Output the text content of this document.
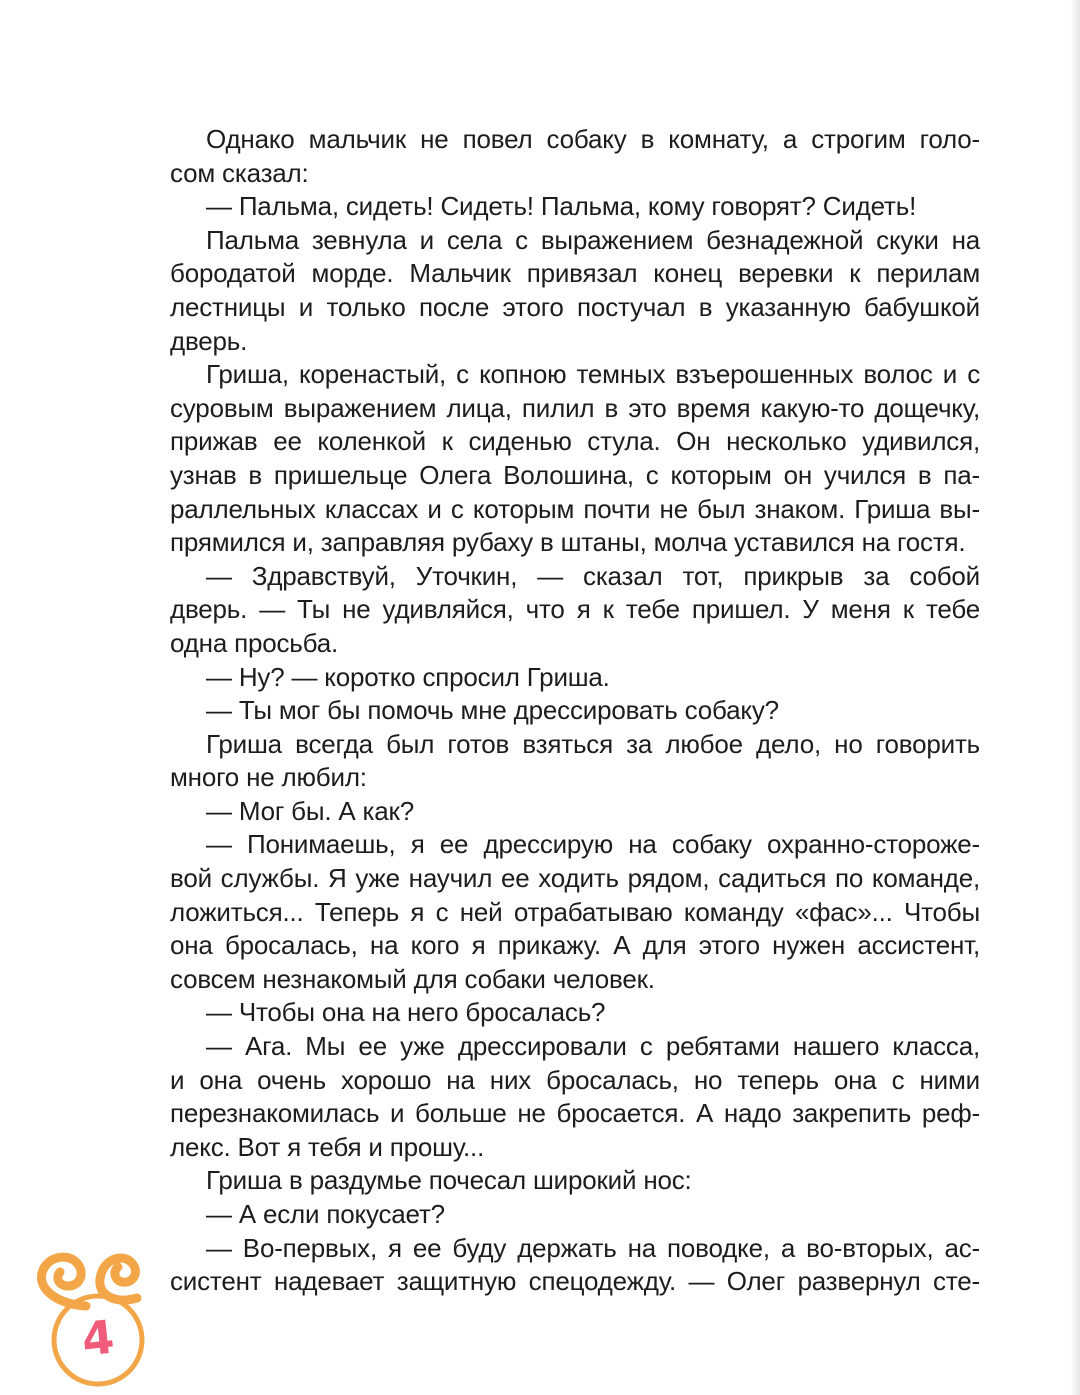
Однако мальчик не повел собаку в комнату, а строгим голо-
сом сказал:
— Пальма, сидеть! Сидеть! Пальма, кому говорят? Сидеть!
Пальма зевнула и села с выражением безнадежной скуки на
бородатой морде. Мальчик привязал конец веревки к перилам
лестницы и только после этого постучал в указанную бабушкой
дверь.
Гриша, коренастый, с копною темных взъерошенных волос и с
суровым выражением лица, пилил в это время какую-то дощечку,
прижав ее коленкой к сиденью стула. Он несколько удивился,
узнав в пришельце Олега Волошина, с которым он учился в па-
раллельных классах и с которым почти не был знаком. Гриша вы-
прямился и, заправляя рубаху в штаны, молча уставился на гостя.
— Здравствуй, Уточкин, — сказал тот, прикрыв за собой
дверь. — Ты не удивляйся, что я к тебе пришел. У меня к тебе
одна просьба.
— Ну? — коротко спросил Гриша.
— Ты мог бы помочь мне дрессировать собаку?
Гриша всегда был готов взяться за любое дело, но говорить
много не любил:
— Мог бы. А как?
— Понимаешь, я ее дрессирую на собаку охранно-стороже-
вой службы. Я уже научил ее ходить рядом, садиться по команде,
ложиться... Теперь я с ней отрабатываю команду «фас»... Чтобы
она бросалась, на кого я прикажу. А для этого нужен ассистент,
совсем незнакомый для собаки человек.
— Чтобы она на него бросалась?
— Ага. Мы ее уже дрессировали с ребятами нашего класса,
и она очень хорошо на них бросалась, но теперь она с ними
перезнакомилась и больше не бросается. А надо закрепить реф-
лекс. Вот я тебя и прошу...
Гриша в раздумье почесал широкий нос:
— А если покусает?
— Во-первых, я ее буду держать на поводке, а во-вторых, ас-
систент надевает защитную спецодежду. — Олег развернул сте-
4
